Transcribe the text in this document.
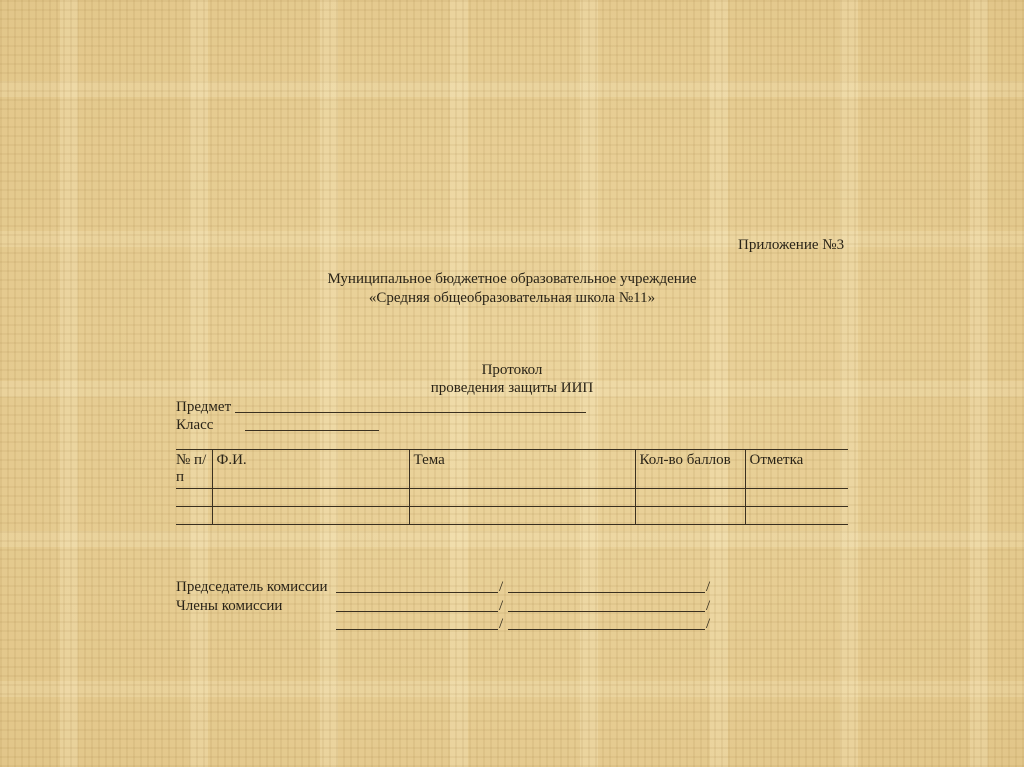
Приложение №3
Муниципальное бюджетное образовательное учреждение
«Средняя общеобразовательная школа №11»
Протокол
проведения защиты ИИП
Предмет
Класс
№ п/п	Ф.И.	Тема	Кол-во баллов	Отметка

Председатель комиссии	/	/
Члены комиссии	/	/
/	/
